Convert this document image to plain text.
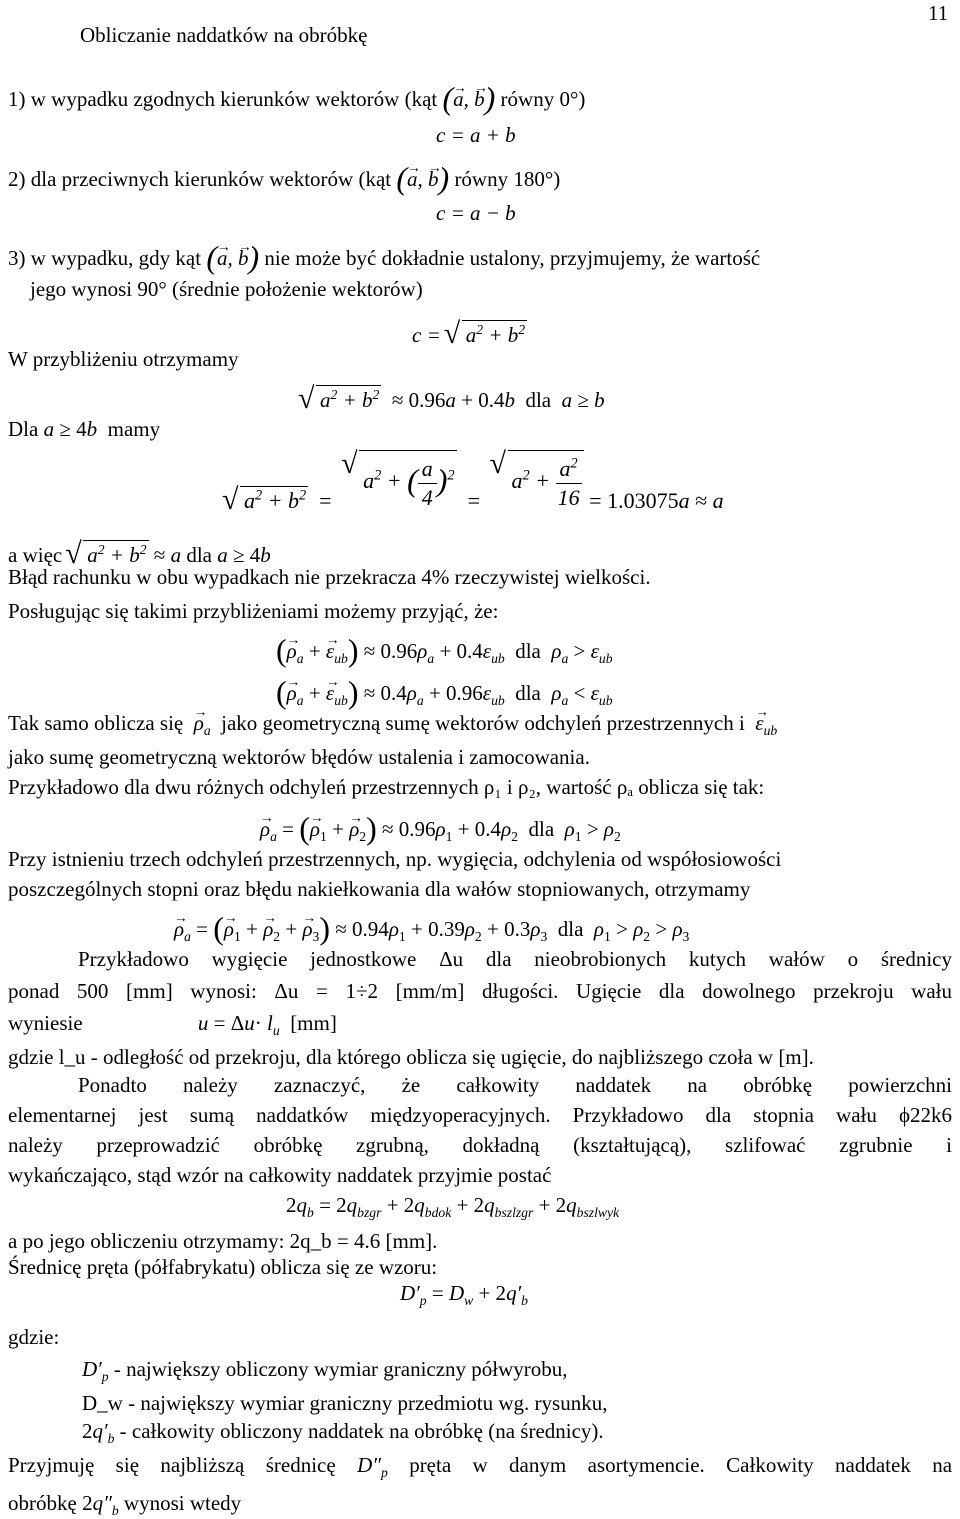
Obliczanie naddatków na obróbkę
11
1) w wypadku zgodnych kierunków wektorów (kąt (→ a, → b) równy 0°)
c = a + b
2) dla przeciwnych kierunków wektorów (kąt (→ a, → b) równy 180°)
c = a − b
3) w wypadku, gdy kąt (→ a, → b) nie może być dokładnie ustalony, przyjmujemy, że wartość
jego wynosi 90° (średnie położenie wektorów)
c =    √ $a^2 + b^2$
W przybliżeniu otrzymamy
√ $a^2 + b^2 \approx 0.96a + 0.4b$  dla  a ≥ b
Dla a ≥ 4b mamy
√ $a^2 + b^2$  =     √ $a^2$ + ( $\frac{a}{4} )^2$  =     √ $a^2 + \frac{a^2}{16} = 1.03075a \approx a$
a więc √ $a^2 + b^2 \approx a$ dla a ≥ 4b
Błąd rachunku w obu wypadkach nie przekracza 4% rzeczywistej wielkości.
Posługując się takimi przybliżeniami możemy przyjąć, że:
(→ $\rho_a$ + → $\varepsilon_{ub}) \approx 0.96\rho_a + 0.4\varepsilon_{ub}$  dla  $\rho_a > \varepsilon_{ub}$
(→ $\rho_a$ + → $\varepsilon_{ub}) \approx 0.4\rho_a + 0.96\varepsilon_{ub}$  dla  $\rho_a < \varepsilon_{ub}$
Tak samo oblicza się → $\rho_a$ jako geometryczną sumę wektorów odchyleń przestrzennych $i \to \varepsilon_{ub}$
jako sumę geometryczną wektorów błędów ustalenia i zamocowania.
Przykładowo dla dwu różnych odchyleń przestrzennych ρ₁ i ρ₂, wartość ρₐ oblicza się tak:
→ $\rho_a$ = (→ $\rho_1$ + → $\rho_2) \approx 0.96\rho_1 + 0.4\rho_2$  dla  $\rho_1 > \rho_2$
Przy istnieniu trzech odchyleń przestrzennych, np. wygięcia, odchylenia od współosiowości
poszczególnych stopni oraz błędu nakiełkowania dla wałów stopniowanych, otrzymamy
→ $\rho_a$ = (→ $\rho_1$ + → $\rho_2$ + → $\rho_3) \approx 0.94\rho_1 + 0.39\rho_2 + 0.3\rho_3$  dla  $\rho_1 > \rho_2 > \rho_3$
Przykładowo wygięcie jednostkowe Δu dla nieobrobionych kutych wałów o średnicy
ponad 500 [mm] wynosi: Δu = 1÷2 [mm/m] długości. Ugięcie dla dowolnego przekroju wału
wyniesie	$u = \Delta u\cdot l_u$  [mm]
gdzie l_u - odległość od przekroju, dla którego oblicza się ugięcie, do najbliższego czoła w [m].
Ponadto należy zaznaczyć, że całkowity naddatek na obróbkę powierzchni
elementarnej jest sumą naddatków międzyoperacyjnych. Przykładowo dla stopnia wału ϕ22k6
należy przeprowadzić obróbkę zgrubną, dokładną (kształtującą), szlifować zgrubnie i
wykańczająco, stąd wzór na całkowity naddatek przyjmie postać
$2q_b = 2q_{bzgr} + 2q_{bdok} + 2q_{bszlzgr} + 2q_{bszlwyk}$
a po jego obliczeniu otrzymamy: 2q_b = 4.6 [mm].
Średnicę pręta (półfabrykatu) oblicza się ze wzoru:
$D'_p = D_w + 2q'_b$
gdzie:
$D'_p$ - największy obliczony wymiar graniczny półwyrobu,
D_w - największy wymiar graniczny przedmiotu wg. rysunku,
$2q'_b$ - całkowity obliczony naddatek na obróbkę (na średnicy).
Przyjmuję się najbliższą średnicę $D''_p$ pręta w danym asortymencie. Całkowity naddatek na
obróbkę $2q''_b$ wynosi wtedy
